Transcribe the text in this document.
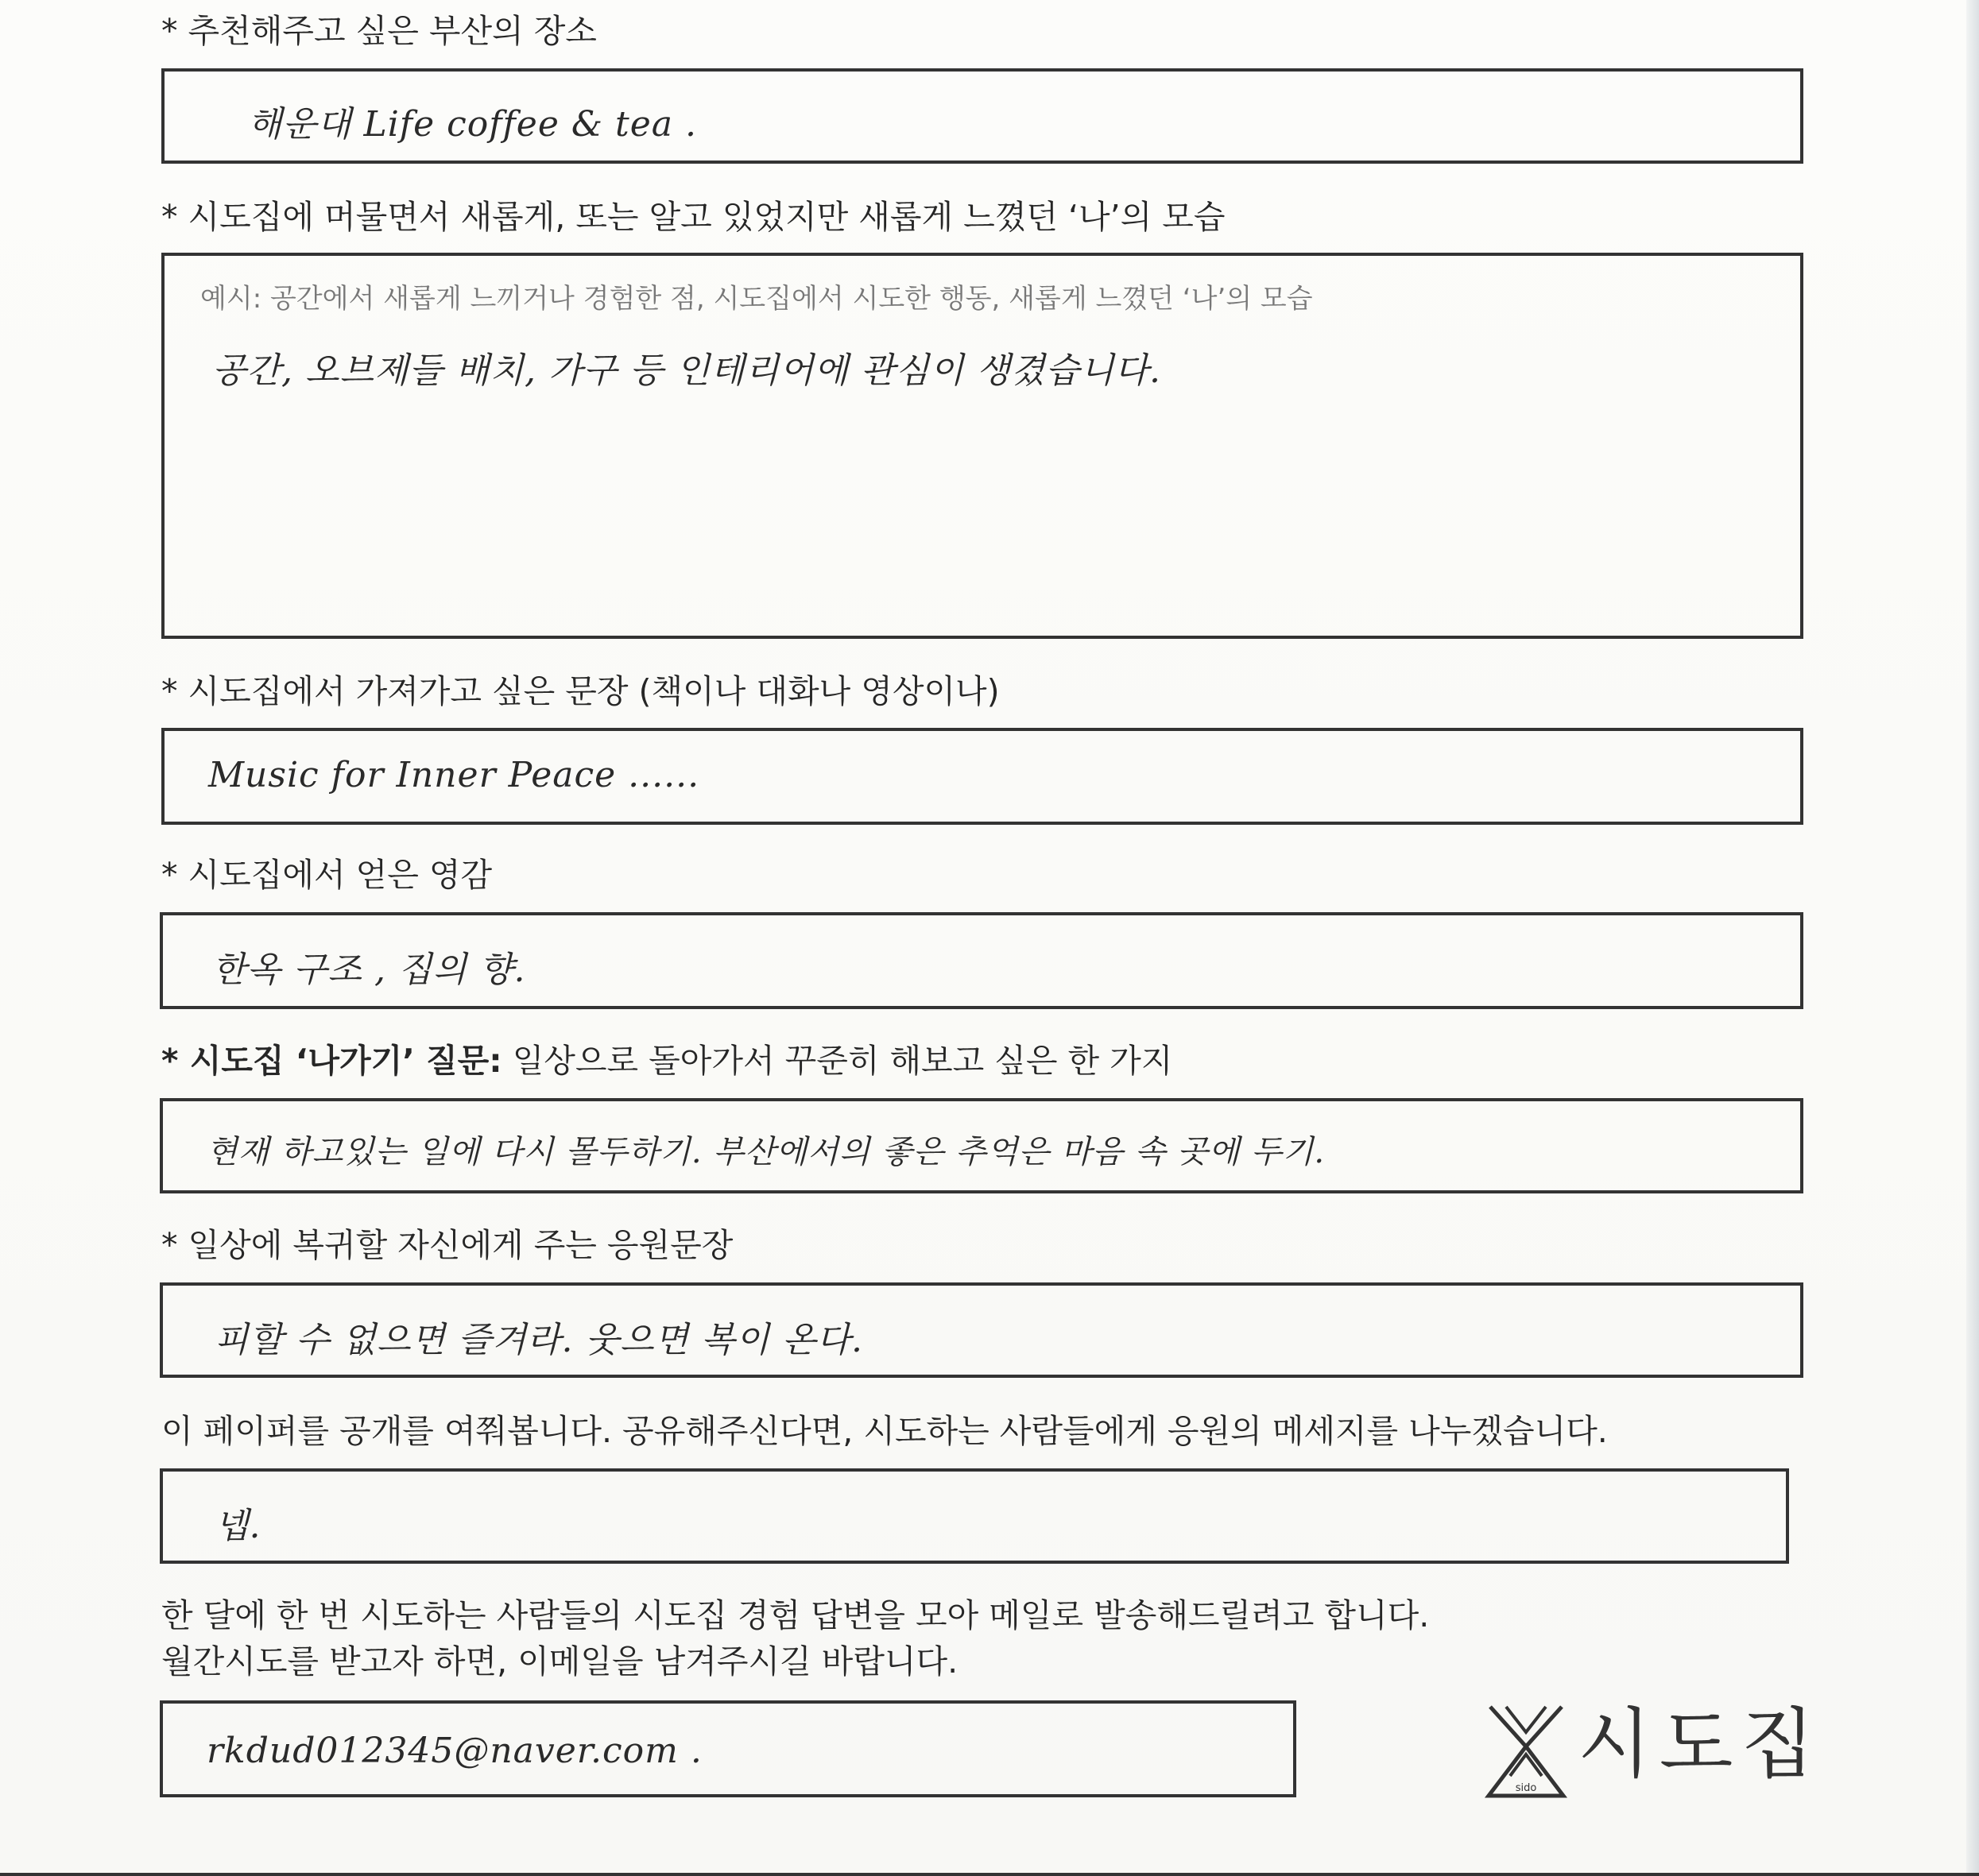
* 추천해주고 싶은 부산의 장소
해운대 Life coffee & tea .
* 시도집에 머물면서 새롭게, 또는 알고 있었지만 새롭게 느꼈던 ‘나’의 모습
예시: 공간에서 새롭게 느끼거나 경험한 점, 시도집에서 시도한 행동, 새롭게 느꼈던 ‘나’의 모습
공간, 오브제들 배치, 가구 등 인테리어에 관심이 생겼습니다.
* 시도집에서 가져가고 싶은 문장 (책이나 대화나 영상이나)
Music for Inner Peace ......
* 시도집에서 얻은 영감
한옥 구조 , 집의 향.
* 시도집 ‘나가기’ 질문: 일상으로 돌아가서 꾸준히 해보고 싶은 한 가지
현재 하고있는 일에 다시 몰두하기. 부산에서의 좋은 추억은 마음 속 곳에 두기.
* 일상에 복귀할 자신에게 주는 응원문장
피할 수 없으면 즐겨라. 웃으면 복이 온다.
이 페이퍼를 공개를 여쭤봅니다. 공유해주신다면, 시도하는 사람들에게 응원의 메세지를 나누겠습니다.
넵.
한 달에 한 번 시도하는 사람들의 시도집 경험 답변을 모아 메일로 발송해드릴려고 합니다.
월간시도를 받고자 하면, 이메일을 남겨주시길 바랍니다.
rkdud012345@naver.com .
sido 시도집
